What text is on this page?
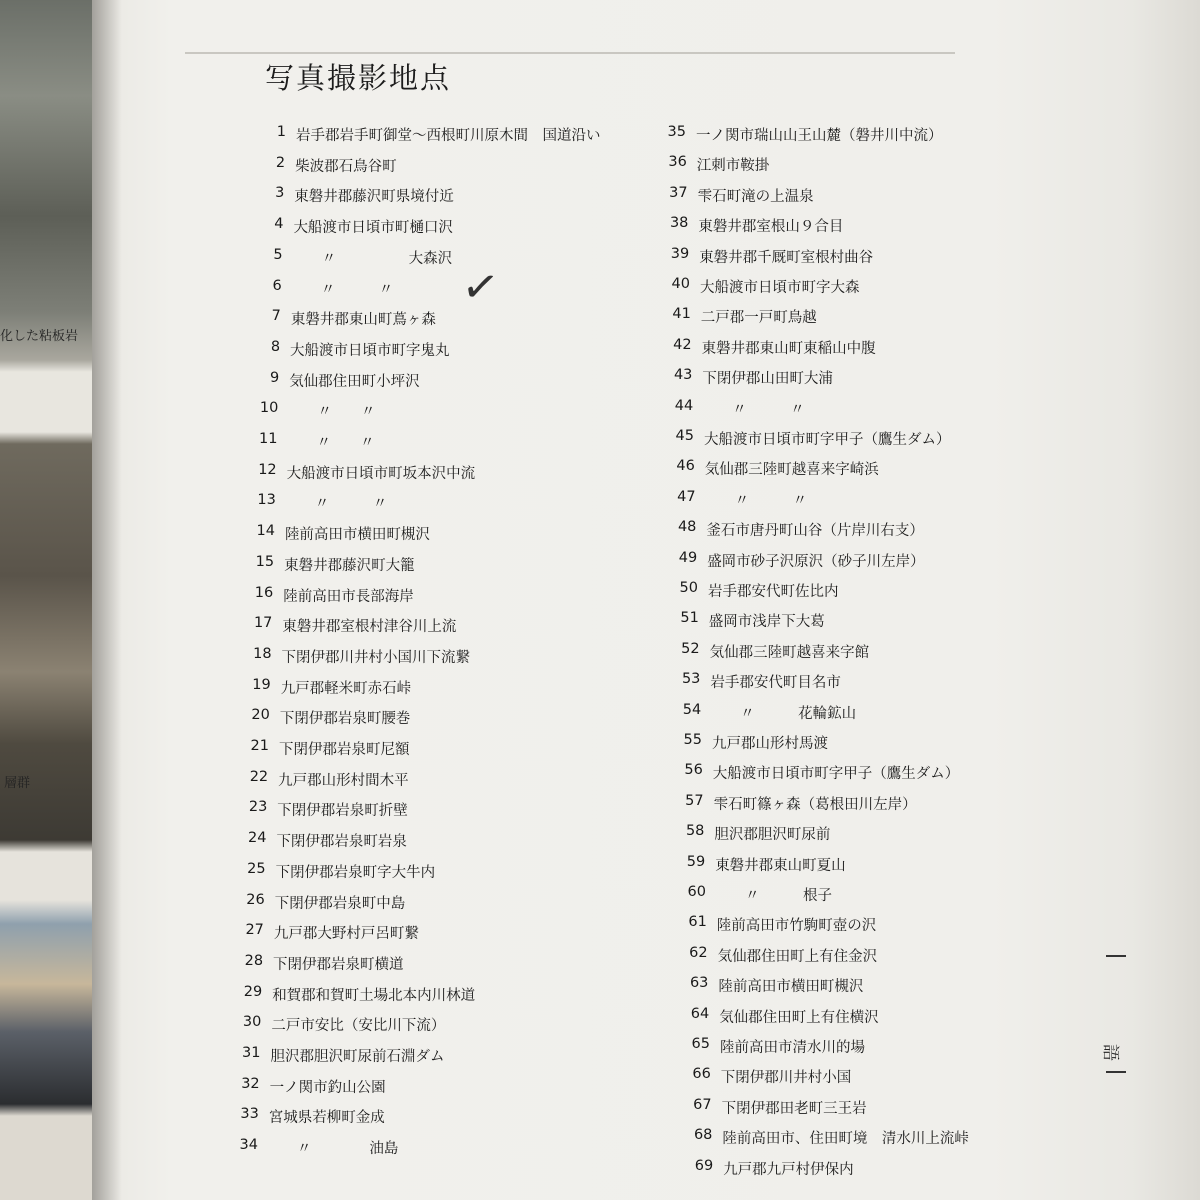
化した粘板岩
層群
写真撮影地点
1 岩手郡岩手町御堂～西根町川原木間　国道沿い
2 柴波郡石鳥谷町
3 東磐井郡藤沢町県境付近
4 大船渡市日頃市町樋口沢
5 　　〃　　　　　大森沢
6 　　〃　　　〃
7 東磐井郡東山町蔦ヶ森
8 大船渡市日頃市町字鬼丸
9 気仙郡住田町小坪沢
10 　　〃　　〃
11 　　〃　　〃
12 大船渡市日頃市町坂本沢中流
13 　　〃　　　〃
14 陸前高田市横田町槻沢
15 東磐井郡藤沢町大籠
16 陸前高田市長部海岸
17 東磐井郡室根村津谷川上流
18 下閉伊郡川井村小国川下流繋
19 九戸郡軽米町赤石峠
20 下閉伊郡岩泉町腰巻
21 下閉伊郡岩泉町尼額
22 九戸郡山形村間木平
23 下閉伊郡岩泉町折壁
24 下閉伊郡岩泉町岩泉
25 下閉伊郡岩泉町字大牛内
26 下閉伊郡岩泉町中島
27 九戸郡大野村戸呂町繋
28 下閉伊郡岩泉町横道
29 和賀郡和賀町土場北本内川林道
30 二戸市安比（安比川下流）
31 胆沢郡胆沢町尿前石淵ダム
32 一ノ関市釣山公園
33 宮城県若柳町金成
34 　　〃　　　　油島
35 一ノ関市瑞山山王山麓（磐井川中流）
36 江刺市鞍掛
37 雫石町滝の上温泉
38 東磐井郡室根山９合目
39 東磐井郡千厩町室根村曲谷
40 大船渡市日頃市町字大森
41 二戸郡一戸町鳥越
42 東磐井郡東山町東稲山中腹
43 下閉伊郡山田町大浦
44 　　〃　　　〃
45 大船渡市日頃市町字甲子（鷹生ダム）
46 気仙郡三陸町越喜来字崎浜
47 　　〃　　　〃
48 釜石市唐丹町山谷（片岸川右支）
49 盛岡市砂子沢原沢（砂子川左岸）
50 岩手郡安代町佐比内
51 盛岡市浅岸下大葛
52 気仙郡三陸町越喜来字館
53 岩手郡安代町目名市
54 　　〃　　　花輪鉱山
55 九戸郡山形村馬渡
56 大船渡市日頃市町字甲子（鷹生ダム）
57 雫石町篠ヶ森（葛根田川左岸）
58 胆沢郡胆沢町尿前
59 東磐井郡東山町夏山
60 　　〃　　　根子
61 陸前高田市竹駒町壺の沢
62 気仙郡住田町上有住金沢
63 陸前高田市横田町槻沢
64 気仙郡住田町上有住横沢
65 陸前高田市清水川的場
66 下閉伊郡川井村小国
67 下閉伊郡田老町三王岩
68 陸前高田市、住田町境　清水川上流峠
69 九戸郡九戸村伊保内
✓
語
